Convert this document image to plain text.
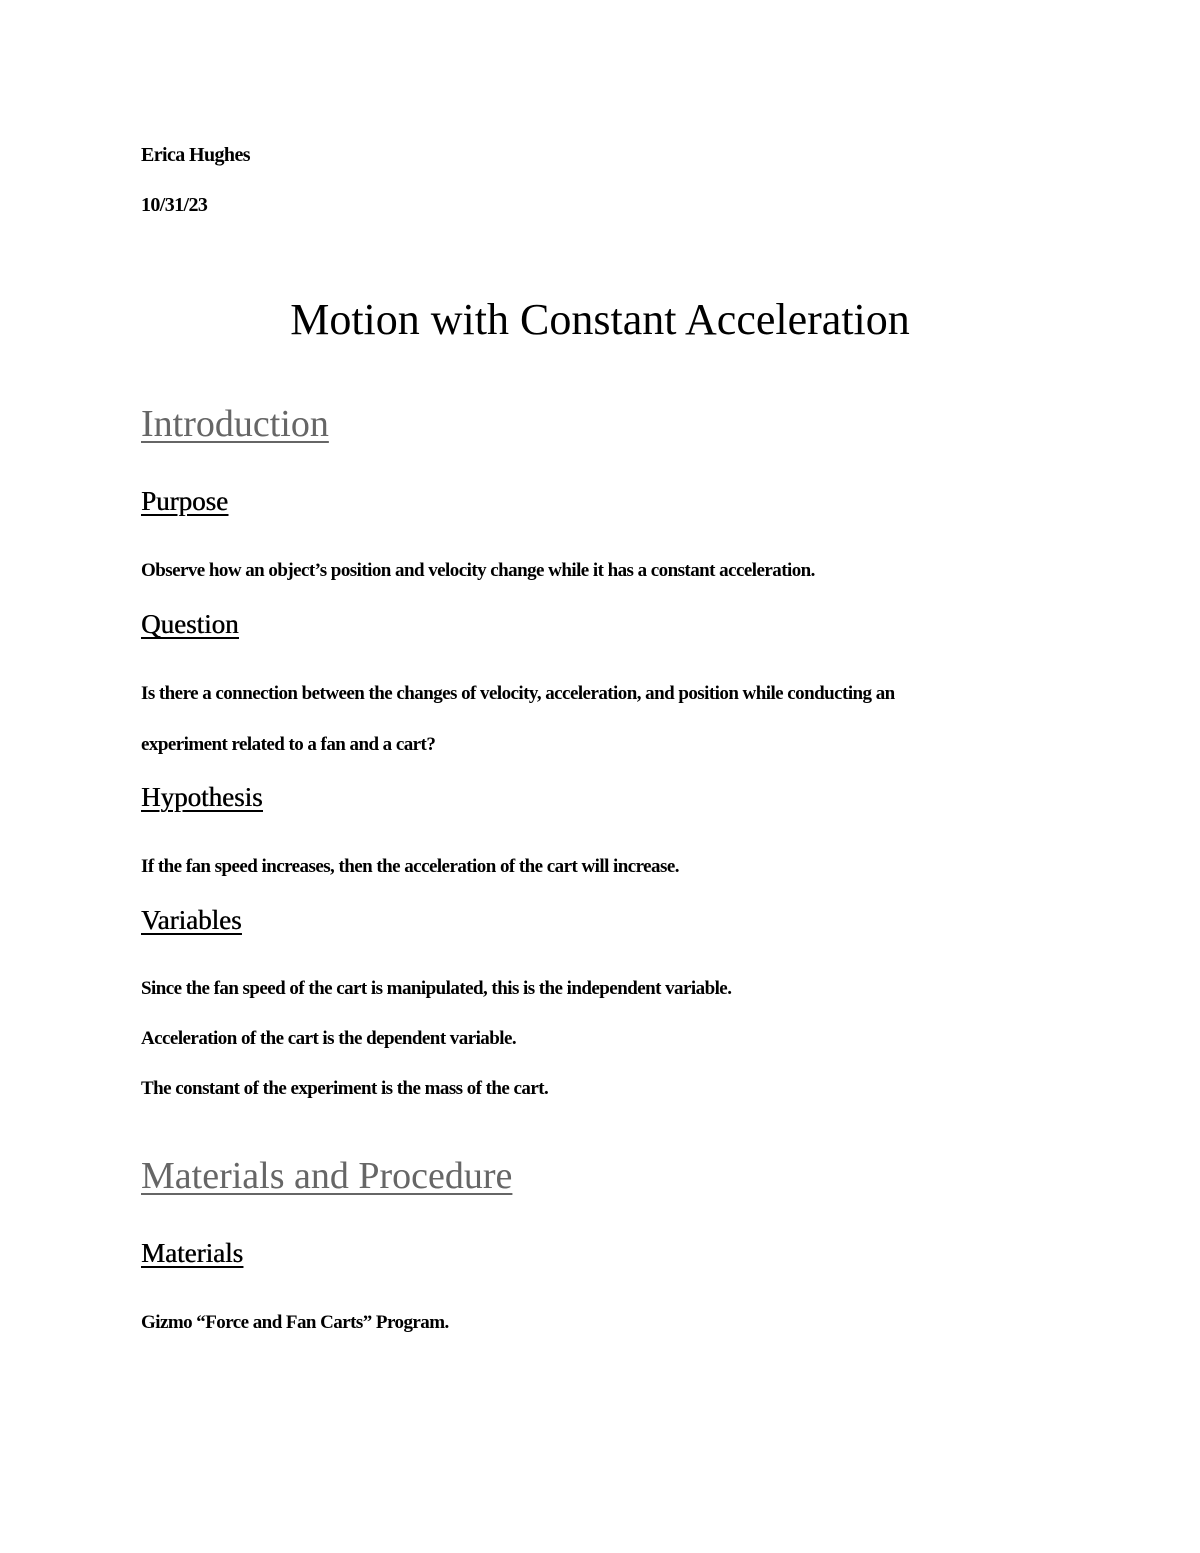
Erica Hughes

10/31/23

Motion with Constant Acceleration
Introduction
Purpose

Observe how an object’s position and velocity change while it has a constant acceleration.

Question

Is there a connection between the changes of velocity, acceleration, and position while conducting an

experiment related to a fan and a cart?

Hypothesis

If the fan speed increases, then the acceleration of the cart will increase.

Variables

Since the fan speed of the cart is manipulated, this is the independent variable.

Acceleration of the cart is the dependent variable.

The constant of the experiment is the mass of the cart.

Materials and Procedure
Materials

Gizmo “Force and Fan Carts” Program.
